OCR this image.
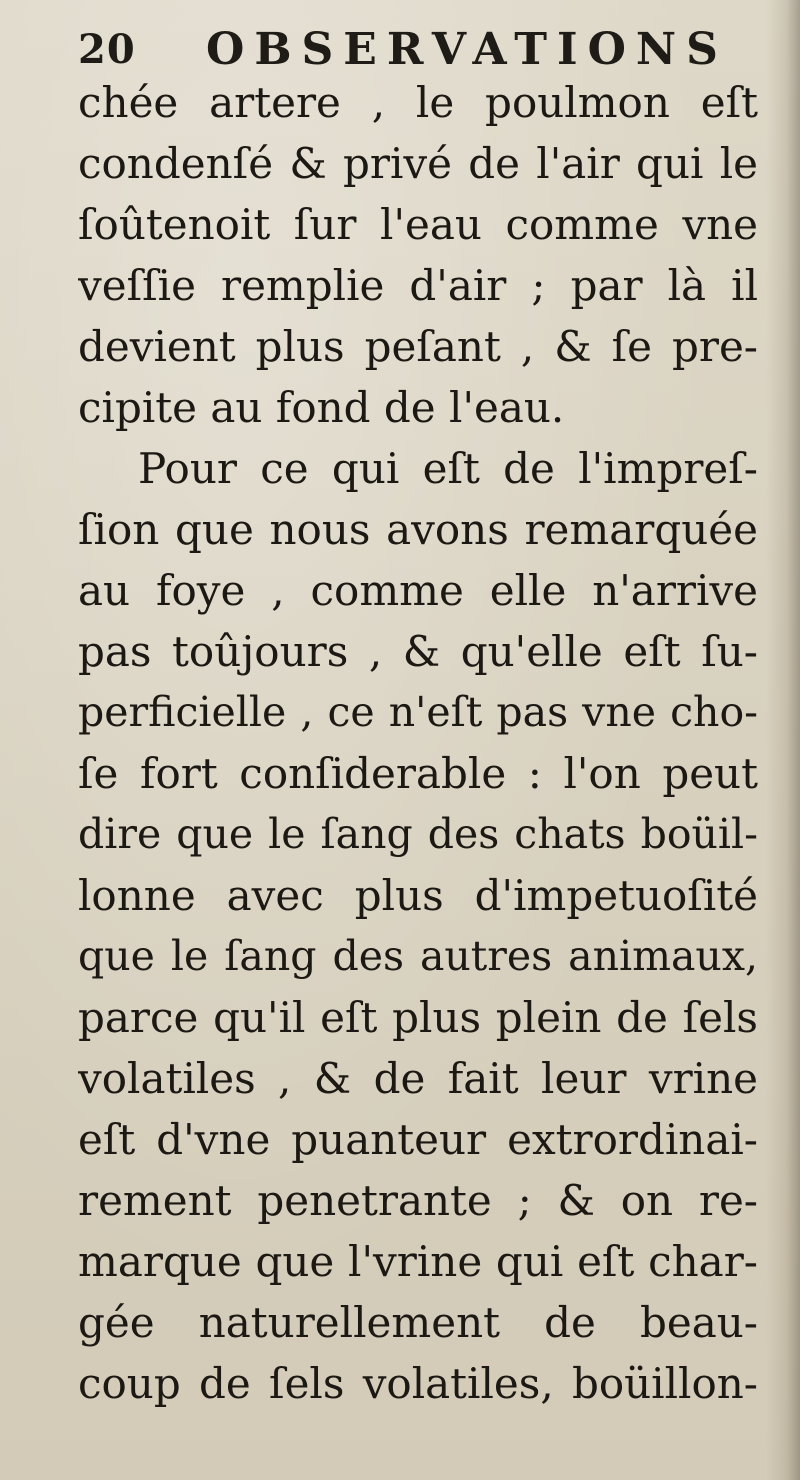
20 OBSERVATIONS
chée artere , le poulmon eſt
condenſé & privé de l'air qui le
ſoûtenoit ſur l'eau comme vne
veſſie remplie d'air ; par là il
devient plus peſant , & ſe pre-
cipite au fond de l'eau.
Pour ce qui eſt de l'impreſ-
ſion que nous avons remarquée
au foye , comme elle n'arrive
pas toûjours , & qu'elle eſt ſu-
perficielle , ce n'eſt pas vne cho-
ſe fort conſiderable : l'on peut
dire que le ſang des chats boüil-
lonne avec plus d'impetuoſité
que le ſang des autres animaux,
parce qu'il eſt plus plein de ſels
volatiles , & de fait leur vrine
eſt d'vne puanteur extrordinai-
rement penetrante ; & on re-
marque que l'vrine qui eſt char-
gée naturellement de beau-
coup de ſels volatiles, boüillon-
